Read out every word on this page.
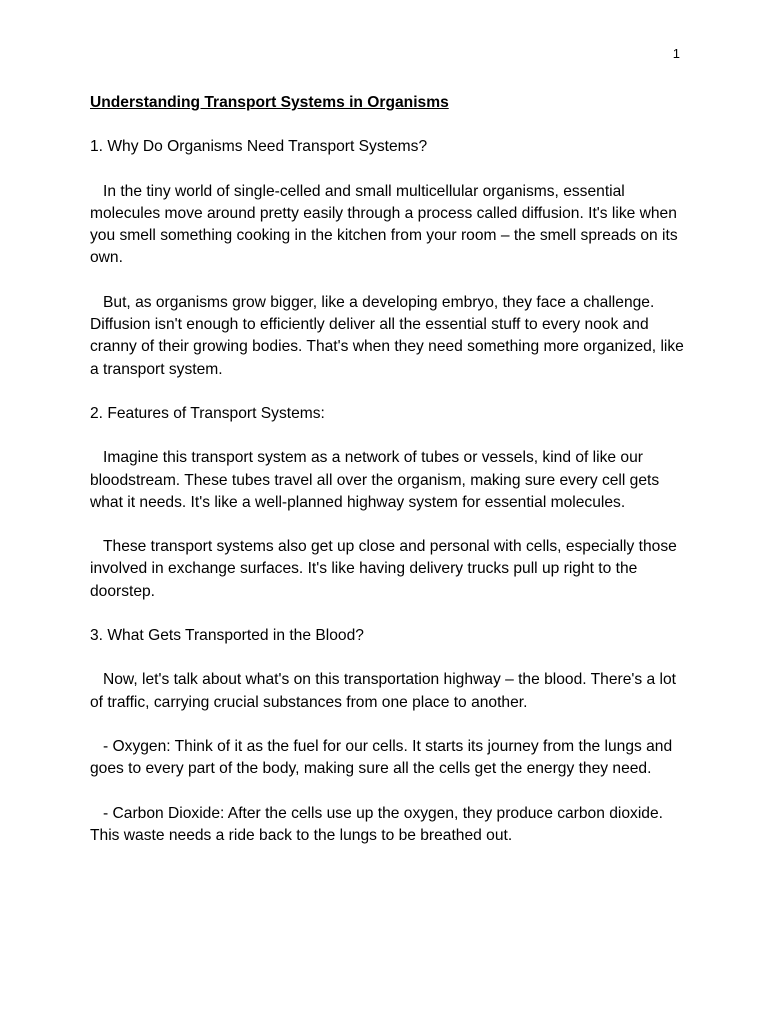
1
Understanding Transport Systems in Organisms
1. Why Do Organisms Need Transport Systems?

In the tiny world of single-celled and small multicellular organisms, essential molecules move around pretty easily through a process called diffusion. It's like when you smell something cooking in the kitchen from your room – the smell spreads on its own.

But, as organisms grow bigger, like a developing embryo, they face a challenge. Diffusion isn't enough to efficiently deliver all the essential stuff to every nook and cranny of their growing bodies. That's when they need something more organized, like a transport system.

2. Features of Transport Systems:

Imagine this transport system as a network of tubes or vessels, kind of like our bloodstream. These tubes travel all over the organism, making sure every cell gets what it needs. It's like a well-planned highway system for essential molecules.

These transport systems also get up close and personal with cells, especially those involved in exchange surfaces. It's like having delivery trucks pull up right to the doorstep.

3. What Gets Transported in the Blood?

Now, let's talk about what's on this transportation highway – the blood. There's a lot of traffic, carrying crucial substances from one place to another.

- Oxygen: Think of it as the fuel for our cells. It starts its journey from the lungs and goes to every part of the body, making sure all the cells get the energy they need.

- Carbon Dioxide: After the cells use up the oxygen, they produce carbon dioxide. This waste needs a ride back to the lungs to be breathed out.
